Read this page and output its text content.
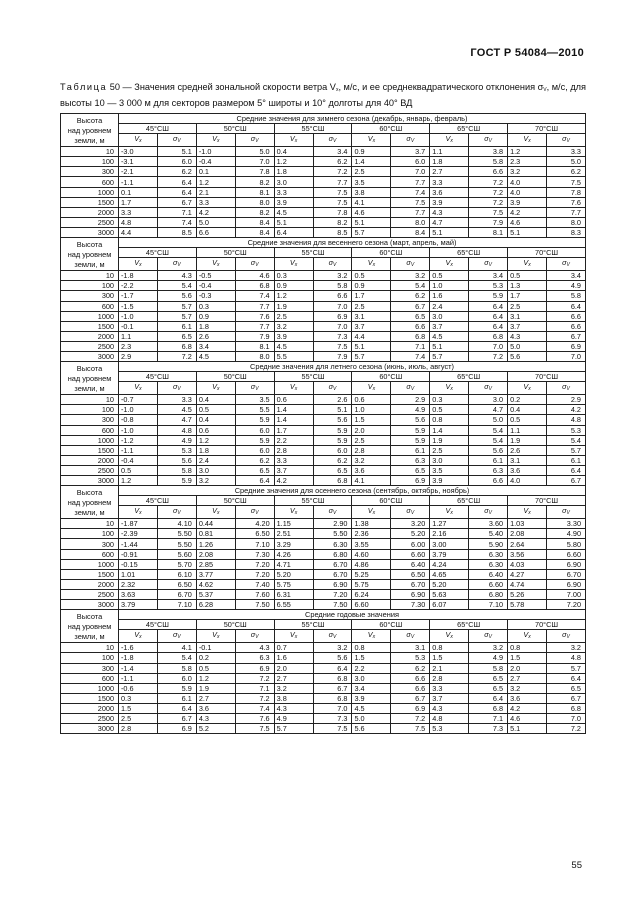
ГОСТ Р 54084—2010
Таблица 50 — Значения средней зональной скорости ветра $V_x$, м/с, и ее среднеквадратического отклонения $\sigma_V$, м/с, для высоты 10 — 3 000 м для секторов размером 5° широты и 10° долготы для 40° ВД
Высота
над уровнем
земли, м	Средние значения для зимнего сезона (декабрь, январь, февраль)											
	45°СШ		50°СШ		55°СШ		60°СШ		65°СШ		70°СШ	
	$V_x$	$\sigma_V$	$V_x$	$\sigma_V$	$V_x$	$\sigma_V$	$V_x$	$\sigma_V$	$V_x$	$\sigma_V$	$V_x$	$\sigma_V$
10	-3.0	5.1	-1.0	5.0	0.4	3.4	0.9	3.7	1.1	3.8	1.2	3.3
100	-3.1	6.0	-0.4	7.0	1.2	6.2	1.4	6.0	1.8	5.8	2.3	5.0
300	-2.1	6.2	0.1	7.8	1.8	7.2	2.5	7.0	2.7	6.6	3.2	6.2
600	-1.1	6.4	1.2	8.2	3.0	7.7	3.5	7.7	3.3	7.2	4.0	7.5
1000	0.1	6.4	2.1	8.1	3.3	7.5	3.8	7.4	3.6	7.2	4.0	7.8
1500	1.7	6.7	3.3	8.0	3.9	7.5	4.1	7.5	3.9	7.2	3.9	7.6
2000	3.3	7.1	4.2	8.2	4.5	7.8	4.6	7.7	4.3	7.5	4.2	7.7
2500	4.8	7.4	5.0	8.4	5.1	8.2	5.1	8.0	4.7	7.9	4.6	8.0
3000	4.4	8.5	6.6	8.4	6.4	8.5	5.7	8.4	5.1	8.1	5.1	8.3

Высота
над уровнем
земли, м	Средние значения для весеннего сезона (март, апрель, май)											
	45°СШ		50°СШ		55°СШ		60°СШ		65°СШ		70°СШ	
	$V_x$	$\sigma_V$	$V_x$	$\sigma_V$	$V_x$	$\sigma_V$	$V_x$	$\sigma_V$	$V_x$	$\sigma_V$	$V_x$	$\sigma_V$
10	-1.8	4.3	-0.5	4.6	0.3	3.2	0.5	3.2	0.5	3.4	0.5	3.4
100	-2.2	5.4	-0.4	6.8	0.9	5.8	0.9	5.4	1.0	5.3	1.3	4.9
300	-1.7	5.6	-0.3	7.4	1.2	6.6	1.7	6.2	1.6	5.9	1.7	5.8
600	-1.5	5.7	0.3	7.7	1.9	7.0	2.5	6.7	2.4	6.4	2.5	6.4
1000	-1.0	5.7	0.9	7.6	2.5	6.9	3.1	6.5	3.0	6.4	3.1	6.6
1500	-0.1	6.1	1.8	7.7	3.2	7.0	3.7	6.6	3.7	6.4	3.7	6.6
2000	1.1	6.5	2.6	7.9	3.9	7.3	4.4	6.8	4.5	6.8	4.3	6.7
2500	2.3	6.8	3.4	8.1	4.5	7.5	5.1	7.1	5.1	7.0	5.0	6.9
3000	2.9	7.2	4.5	8.0	5.5	7.9	5.7	7.4	5.7	7.2	5.6	7.0

Высота
над уровнем
земли, м	Средние значения для летнего сезона (июнь, июль, август)											
	45°СШ		50°СШ		55°СШ		60°СШ		65°СШ		70°СШ	
	$V_x$	$\sigma_V$	$V_x$	$\sigma_V$	$V_x$	$\sigma_V$	$V_x$	$\sigma_V$	$V_x$	$\sigma_V$	$V_x$	$\sigma_V$
10	-0.7	3.3	0.4	3.5	0.6	2.6	0.6	2.9	0.3	3.0	0.2	2.9
100	-1.0	4.5	0.5	5.5	1.4	5.1	1.0	4.9	0.5	4.7	0.4	4.2
300	-0.8	4.7	0.4	5.9	1.4	5.6	1.5	5.6	0.8	5.0	0.5	4.8
600	-1.0	4.8	0.6	6.0	1.7	5.9	2.0	5.9	1.4	5.4	1.1	5.3
1000	-1.2	4.9	1.2	5.9	2.2	5.9	2.5	5.9	1.9	5.4	1.9	5.4
1500	-1.1	5.3	1.8	6.0	2.8	6.0	2.8	6.1	2.5	5.6	2.6	5.7
2000	-0.4	5.6	2.4	6.2	3.3	6.2	3.2	6.3	3.0	6.1	3.1	6.1
2500	0.5	5.8	3.0	6.5	3.7	6.5	3.6	6.5	3.5	6.3	3.6	6.4
3000	1.2	5.9	3.2	6.4	4.2	6.8	4.1	6.9	3.9	6.6	4.0	6.7

Высота
над уровнем
земли, м	Средние значения для осеннего сезона (сентябрь, октябрь, ноябрь)											
	45°СШ		50°СШ		55°СШ		60°СШ		65°СШ		70°СШ	
	$V_x$	$\sigma_V$	$V_x$	$\sigma_V$	$V_x$	$\sigma_V$	$V_x$	$\sigma_V$	$V_x$	$\sigma_V$	$V_x$	$\sigma_V$
10	-1.87	4.10	0.44	4.20	1.15	2.90	1.38	3.20	1.27	3.60	1.03	3.30
100	-2.39	5.50	0.81	6.50	2.51	5.50	2.36	5.20	2.16	5.40	2.08	4.90
300	-1.44	5.50	1.26	7.10	3.29	6.30	3.55	6.00	3.00	5.90	2.64	5.80
600	-0.91	5.60	2.08	7.30	4.26	6.80	4.60	6.60	3.79	6.30	3.56	6.60
1000	-0.15	5.70	2.85	7.20	4.71	6.70	4.86	6.40	4.24	6.30	4.03	6.90
1500	1.01	6.10	3.77	7.20	5.20	6.70	5.25	6.50	4.65	6.40	4.27	6.70
2000	2.32	6.50	4.62	7.40	5.75	6.90	5.75	6.70	5.20	6.60	4.74	6.90
2500	3.63	6.70	5.37	7.60	6.31	7.20	6.24	6.90	5.63	6.80	5.26	7.00
3000	3.79	7.10	6.28	7.50	6.55	7.50	6.60	7.30	6.07	7.10	5.78	7.20

Высота
над уровнем
земли, м	Средние годовые значения											
	45°СШ		50°СШ		55°СШ		60°СШ		65°СШ		70°СШ	
	$V_x$	$\sigma_V$	$V_x$	$\sigma_V$	$V_x$	$\sigma_V$	$V_x$	$\sigma_V$	$V_x$	$\sigma_V$	$V_x$	$\sigma_V$
10	-1.6	4.1	-0.1	4.3	0.7	3.2	0.8	3.1	0.8	3.2	0.8	3.2
100	-1.8	5.4	0.2	6.3	1.6	5.6	1.5	5.3	1.5	4.9	1.5	4.8
300	-1.4	5.8	0.5	6.9	2.0	6.4	2.2	6.2	2.1	5.8	2.0	5.7
600	-1.1	6.0	1.2	7.2	2.7	6.8	3.0	6.6	2.8	6.5	2.7	6.4
1000	-0.6	5.9	1.9	7.1	3.2	6.7	3.4	6.6	3.3	6.5	3.2	6.5
1500	0.3	6.1	2.7	7.2	3.8	6.8	3.9	6.7	3.7	6.4	3.6	6.7
2000	1.5	6.4	3.6	7.4	4.3	7.0	4.5	6.9	4.3	6.8	4.2	6.8
2500	2.5	6.7	4.3	7.6	4.9	7.3	5.0	7.2	4.8	7.1	4.6	7.0
3000	2.8	6.9	5.2	7.5	5.7	7.5	5.6	7.5	5.3	7.3	5.1	7.2
55
